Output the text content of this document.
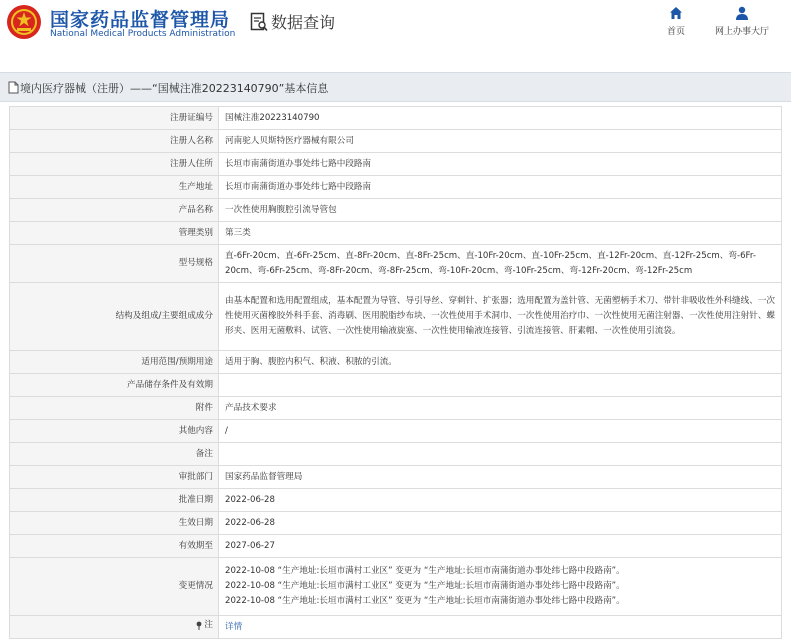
国家药品监督管理局
National Medical Products Administration
数据查询	首页	网上办事大厅
境内医疗器械（注册）——“国械注准20223140790”基本信息
注册证编号	国械注准20223140790
注册人名称	河南驼人贝斯特医疗器械有限公司
注册人住所	长垣市南蒲街道办事处纬七路中段路南
生产地址	长垣市南蒲街道办事处纬七路中段路南
产品名称	一次性使用胸腹腔引流导管包
管理类别	第三类
型号规格	直-6Fr-20cm、直-6Fr-25cm、直-8Fr-20cm、直-8Fr-25cm、直-10Fr-20cm、直-10Fr-25cm、直-12Fr-20cm、直-12Fr-25cm、弯-6Fr-20cm、弯-6Fr-25cm、弯-8Fr-20cm、弯-8Fr-25cm、弯-10Fr-20cm、弯-10Fr-25cm、弯-12Fr-20cm、弯-12Fr-25cm
结构及组成/主要组成成分	由基本配置和选用配置组成，基本配置为导管、导引导丝、穿刺针、扩张器；选用配置为盖针管、无菌塑柄手术刀、带针非吸收性外科缝线、一次性使用灭菌橡胶外科手套、消毒刷、医用脱脂纱布块、一次性使用手术洞巾、一次性使用治疗巾、一次性使用无菌注射器、一次性使用注射针、蝶形夹、医用无菌敷料、试管、一次性使用输液旋塞、一次性使用输液连接管、引流连接管、肝素帽、一次性使用引流袋。
适用范围/预期用途	适用于胸、腹腔内积气、积液、积脓的引流。
产品储存条件及有效期	
附件	产品技术要求
其他内容	/
备注	
审批部门	国家药品监督管理局
批准日期	2022-06-28
生效日期	2022-06-28
有效期至	2027-06-27
变更情况	2022-10-08 “生产地址:长垣市满村工业区” 变更为 “生产地址:长垣市南蒲街道办事处纬七路中段路南”。
2022-10-08 “生产地址:长垣市满村工业区” 变更为 “生产地址:长垣市南蒲街道办事处纬七路中段路南”。
2022-10-08 “生产地址:长垣市满村工业区” 变更为 “生产地址:长垣市南蒲街道办事处纬七路中段路南”。

注	详情
